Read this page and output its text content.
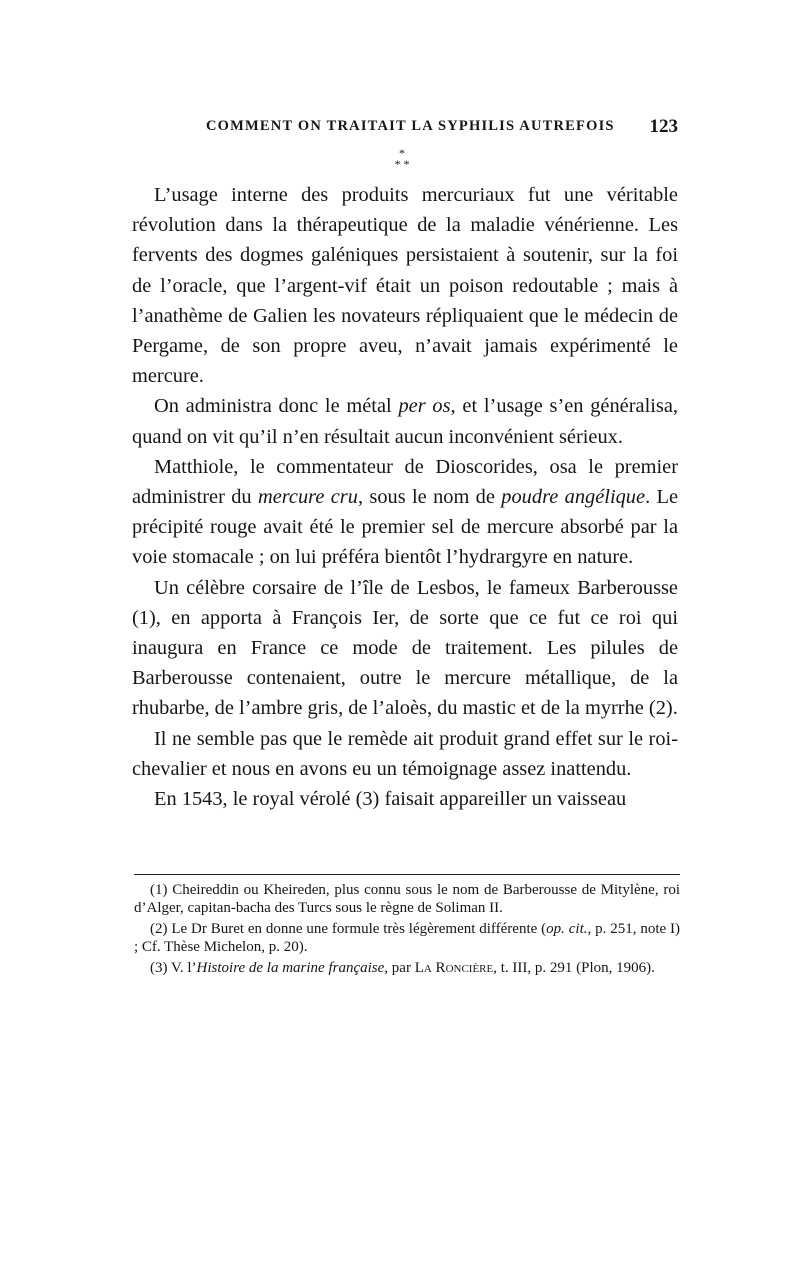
COMMENT ON TRAITAIT LA SYPHILIS AUTREFOIS 123
*
* *

L’usage interne des produits mercuriaux fut une véritable révolution dans la thérapeutique de la maladie vénérienne. Les fervents des dogmes galéniques persistaient à soutenir, sur la foi de l’oracle, que l’argent-vif était un poison redoutable ; mais à l’anathème de Galien les novateurs répliquaient que le médecin de Pergame, de son propre aveu, n’avait jamais expérimenté le mercure.

On administra donc le métal per os, et l’usage s’en généralisa, quand on vit qu’il n’en résultait aucun inconvénient sérieux.

Matthiole, le commentateur de Dioscorides, osa le premier administrer du mercure cru, sous le nom de poudre angélique. Le précipité rouge avait été le premier sel de mercure absorbé par la voie stomacale ; on lui préféra bientôt l’hydrargyre en nature.

Un célèbre corsaire de l’île de Lesbos, le fameux Barberousse (1), en apporta à François Ier, de sorte que ce fut ce roi qui inaugura en France ce mode de traitement. Les pilules de Barberousse contenaient, outre le mercure métallique, de la rhubarbe, de l’ambre gris, de l’aloès, du mastic et de la myrrhe (2).

Il ne semble pas que le remède ait produit grand effet sur le roi-chevalier et nous en avons eu un témoignage assez inattendu.

En 1543, le royal vérolé (3) faisait appareiller un vaisseau

(1) Cheireddin ou Kheireden, plus connu sous le nom de Barberousse de Mitylène, roi d’Alger, capitan-bacha des Turcs sous le règne de Soliman II.

(2) Le Dr Buret en donne une formule très légèrement différente (op. cit., p. 251, note I) ; Cf. Thèse Michelon, p. 20).

(3) V. l’Histoire de la marine française, par La Roncière, t. III, p. 291 (Plon, 1906).
